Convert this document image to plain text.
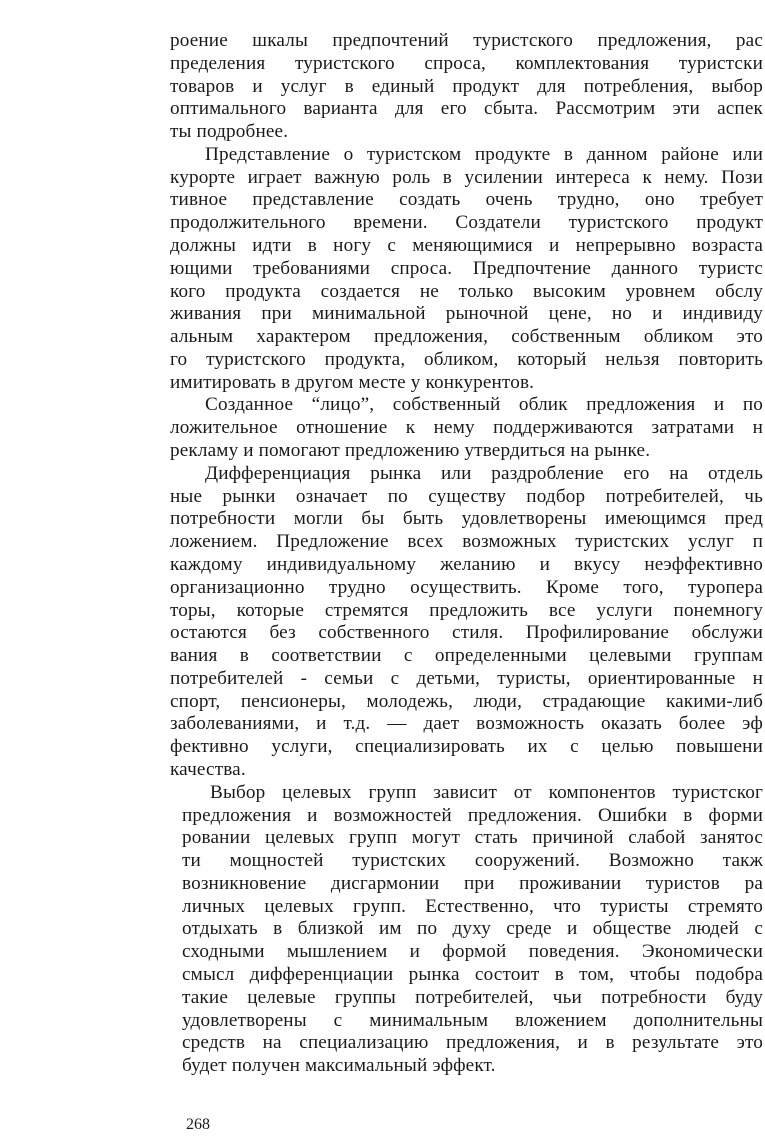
роение шкалы предпочтений туристского предложения, рас
пределения туристского спроса, комплектования туристски
товаров и услуг в единый продукт для потребления, выбор
оптимального варианта для его сбыта. Рассмотрим эти аспек
ты подробнее.
Представление о туристском продукте в данном районе или
курорте играет важную роль в усилении интереса к нему. Пози
тивное представление создать очень трудно, оно требует
продолжительного времени. Создатели туристского продукт
должны идти в ногу с меняющимися и непрерывно возраста
ющими требованиями спроса. Предпочтение данного туристс
кого продукта создается не только высоким уровнем обслу
живания при минимальной рыночной цене, но и индивиду
альным характером предложения, собственным обликом это
го туристского продукта, обликом, который нельзя повторить
имитировать в другом месте у конкурентов.
Созданное “лицо”, собственный облик предложения и по
ложительное отношение к нему поддерживаются затратами н
рекламу и помогают предложению утвердиться на рынке.
Дифференциация рынка или раздробление его на отдель
ные рынки означает по существу подбор потребителей, чь
потребности могли бы быть удовлетворены имеющимся пред
ложением. Предложение всех возможных туристских услуг п
каждому индивидуальному желанию и вкусу неэффективно
организационно трудно осуществить. Кроме того, туропера
торы, которые стремятся предложить все услуги понемногу
остаются без собственного стиля. Профилирование обслужи
вания в соответствии с определенными целевыми группам
потребителей - семьи с детьми, туристы, ориентированные н
спорт, пенсионеры, молодежь, люди, страдающие какими-либ
заболеваниями, и т.д. — дает возможность оказать более эф
фективно услуги, специализировать их с целью повышени
качества.
Выбор целевых групп зависит от компонентов туристског
предложения и возможностей предложения. Ошибки в форми
ровании целевых групп могут стать причиной слабой занятос
ти мощностей туристских сооружений. Возможно такж
возникновение дисгармонии при проживании туристов ра
личных целевых групп. Естественно, что туристы стремято
отдыхать в близкой им по духу среде и обществе людей с
сходными мышлением и формой поведения. Экономически
смысл дифференциации рынка состоит в том, чтобы подобра
такие целевые группы потребителей, чьи потребности буду
удовлетворены с минимальным вложением дополнительны
средств на специализацию предложения, и в результате это
будет получен максимальный эффект.
268
